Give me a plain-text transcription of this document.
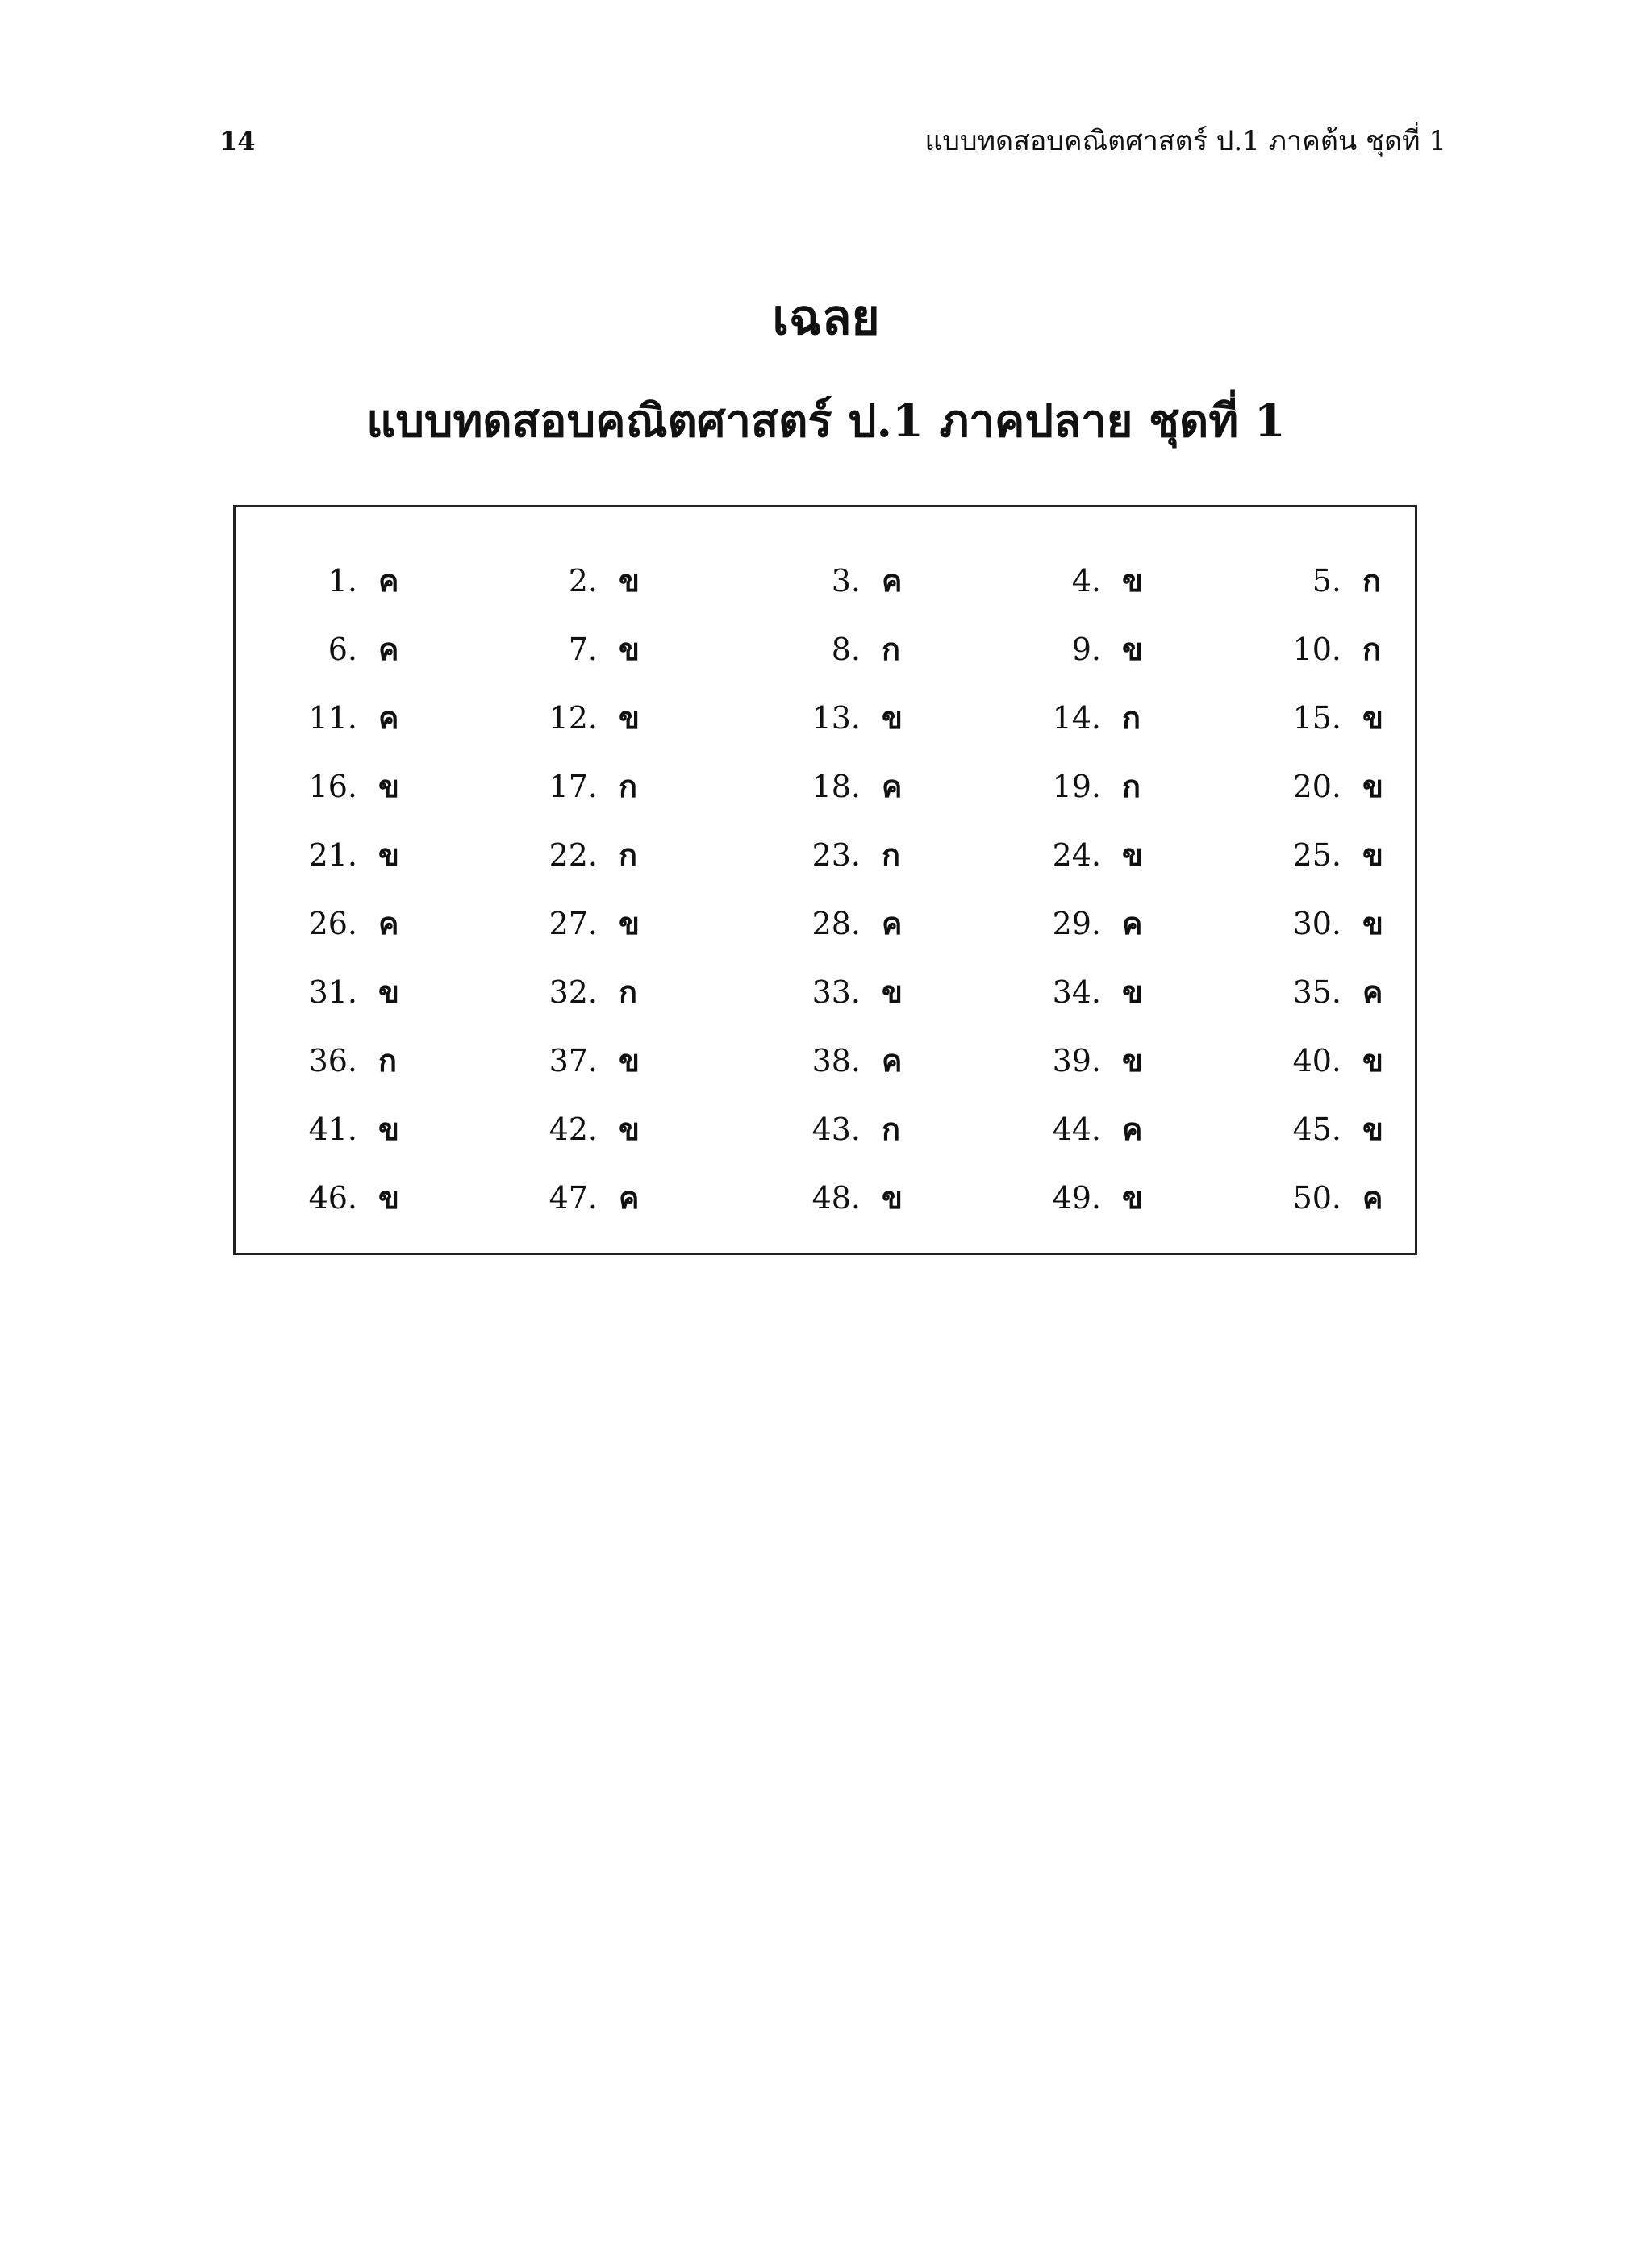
14	แบบทดสอบคณิตศาสตร์ ป.1 ภาคต้น ชุดที่ 1
เฉลย
แบบทดสอบคณิตศาสตร์ ป.1 ภาคปลาย ชุดที่ 1
1. ค	2. ข	3. ค	4. ข	5. ก
6. ค	7. ข	8. ก	9. ข	10. ก
11. ค	12. ข	13. ข	14. ก	15. ข
16. ข	17. ก	18. ค	19. ก	20. ข
21. ข	22. ก	23. ก	24. ข	25. ข
26. ค	27. ข	28. ค	29. ค	30. ข
31. ข	32. ก	33. ข	34. ข	35. ค
36. ก	37. ข	38. ค	39. ข	40. ข
41. ข	42. ข	43. ก	44. ค	45. ข
46. ข	47. ค	48. ข	49. ข	50. ค
